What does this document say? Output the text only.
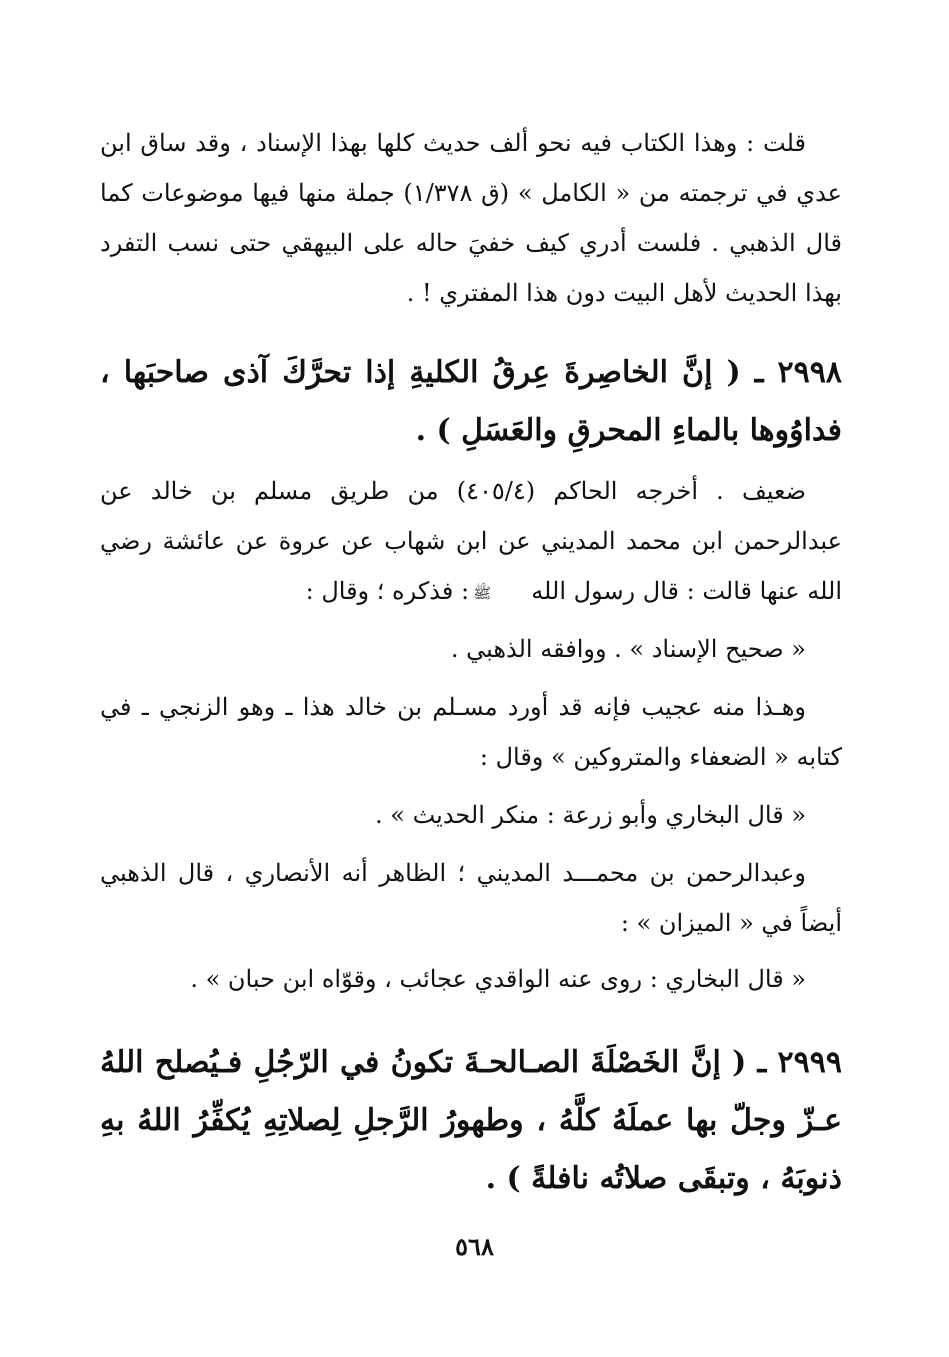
قلت : وهذا الكتاب فيه نحو ألف حديث كلها بهذا الإسناد ، وقد ساق ابن عدي في ترجمته من « الكامل » (ق ١/٣٧٨) جملة منها فيها موضوعات كما قال الذهبي . فلست أدري كيف خفيَ حاله على البيهقي حتى نسب التفرد بهذا الحديث لأهل البيت دون هذا المفتري ! .

٢٩٩٨ ـ ( إنَّ الخاصِرةَ عِرقُ الكليةِ إذا تحرَّكَ آذى صاحبَها ، فداوُوها بالماءِ المحرقِ والعَسَلِ ) .

ضعيف . أخرجه الحاكم (٤٠٥/٤) من طريق مسلم بن خالد عن عبدالرحمن ابن محمد المديني عن ابن شهاب عن عروة عن عائشة رضي الله عنها قالت : قال رسول اللهﷺ: فذكره ؛ وقال :

« صحيح الإسناد » . ووافقه الذهبي .

وهـذا منه عجيب فإنه قد أورد مسـلم بن خالد هذا ـ وهو الزنجي ـ في كتابه « الضعفاء والمتروكين » وقال :

« قال البخاري وأبو زرعة : منكر الحديث » .

وعبدالرحمن بن محمـــد المديني ؛ الظاهر أنه الأنصاري ، قال الذهبي أيضاً في « الميزان » :

« قال البخاري : روى عنه الواقدي عجائب ، وقوّاه ابن حبان » .

٢٩٩٩ ـ ( إنَّ الخَصْلَةَ الصـالحـةَ تكونُ في الرّجُلِ فـيُصلح اللهُ عـزّ وجلّ بها عملَهُ كلَّهُ ، وطهورُ الرَّجلِ لِصلاتِهِ يُكفِّرُ اللهُ بهِ ذنوبَهُ ، وتبقَى صلاتُه نافلةً ) .

٥٦٨
